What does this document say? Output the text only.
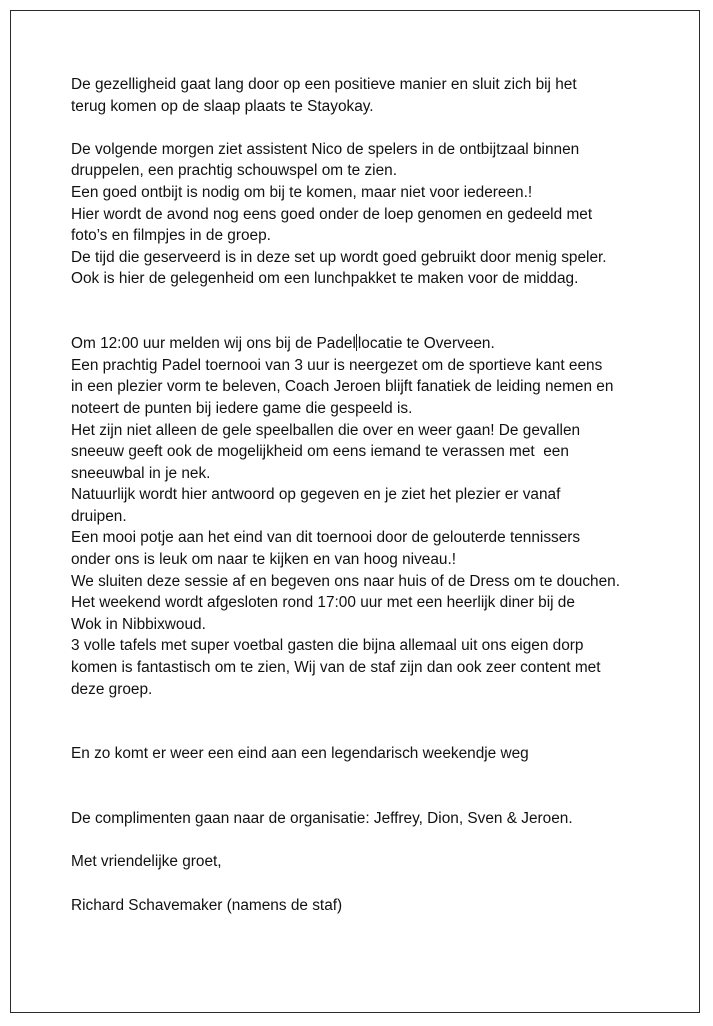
De gezelligheid gaat lang door op een positieve manier en sluit zich bij het
terug komen op de slaap plaats te Stayokay.
De volgende morgen ziet assistent Nico de spelers in de ontbijtzaal binnen
druppelen, een prachtig schouwspel om te zien.
Een goed ontbijt is nodig om bij te komen, maar niet voor iedereen.!
Hier wordt de avond nog eens goed onder de loep genomen en gedeeld met
foto’s en filmpjes in de groep.
De tijd die geserveerd is in deze set up wordt goed gebruikt door menig speler.
Ook is hier de gelegenheid om een lunchpakket te maken voor de middag.
Om 12:00 uur melden wij ons bij de Padel locatie te Overveen.
Een prachtig Padel toernooi van 3 uur is neergezet om de sportieve kant eens
in een plezier vorm te beleven, Coach Jeroen blijft fanatiek de leiding nemen en
noteert de punten bij iedere game die gespeeld is.
Het zijn niet alleen de gele speelballen die over en weer gaan! De gevallen
sneeuw geeft ook de mogelijkheid om eens iemand te verassen met  een
sneeuwbal in je nek.
Natuurlijk wordt hier antwoord op gegeven en je ziet het plezier er vanaf
druipen.
Een mooi potje aan het eind van dit toernooi door de gelouterde tennissers
onder ons is leuk om naar te kijken en van hoog niveau.!
We sluiten deze sessie af en begeven ons naar huis of de Dress om te douchen.
Het weekend wordt afgesloten rond 17:00 uur met een heerlijk diner bij de
Wok in Nibbixwoud.
3 volle tafels met super voetbal gasten die bijna allemaal uit ons eigen dorp
komen is fantastisch om te zien, Wij van de staf zijn dan ook zeer content met
deze groep.
En zo komt er weer een eind aan een legendarisch weekendje weg
De complimenten gaan naar de organisatie: Jeffrey, Dion, Sven & Jeroen.
Met vriendelijke groet,
Richard Schavemaker (namens de staf)
